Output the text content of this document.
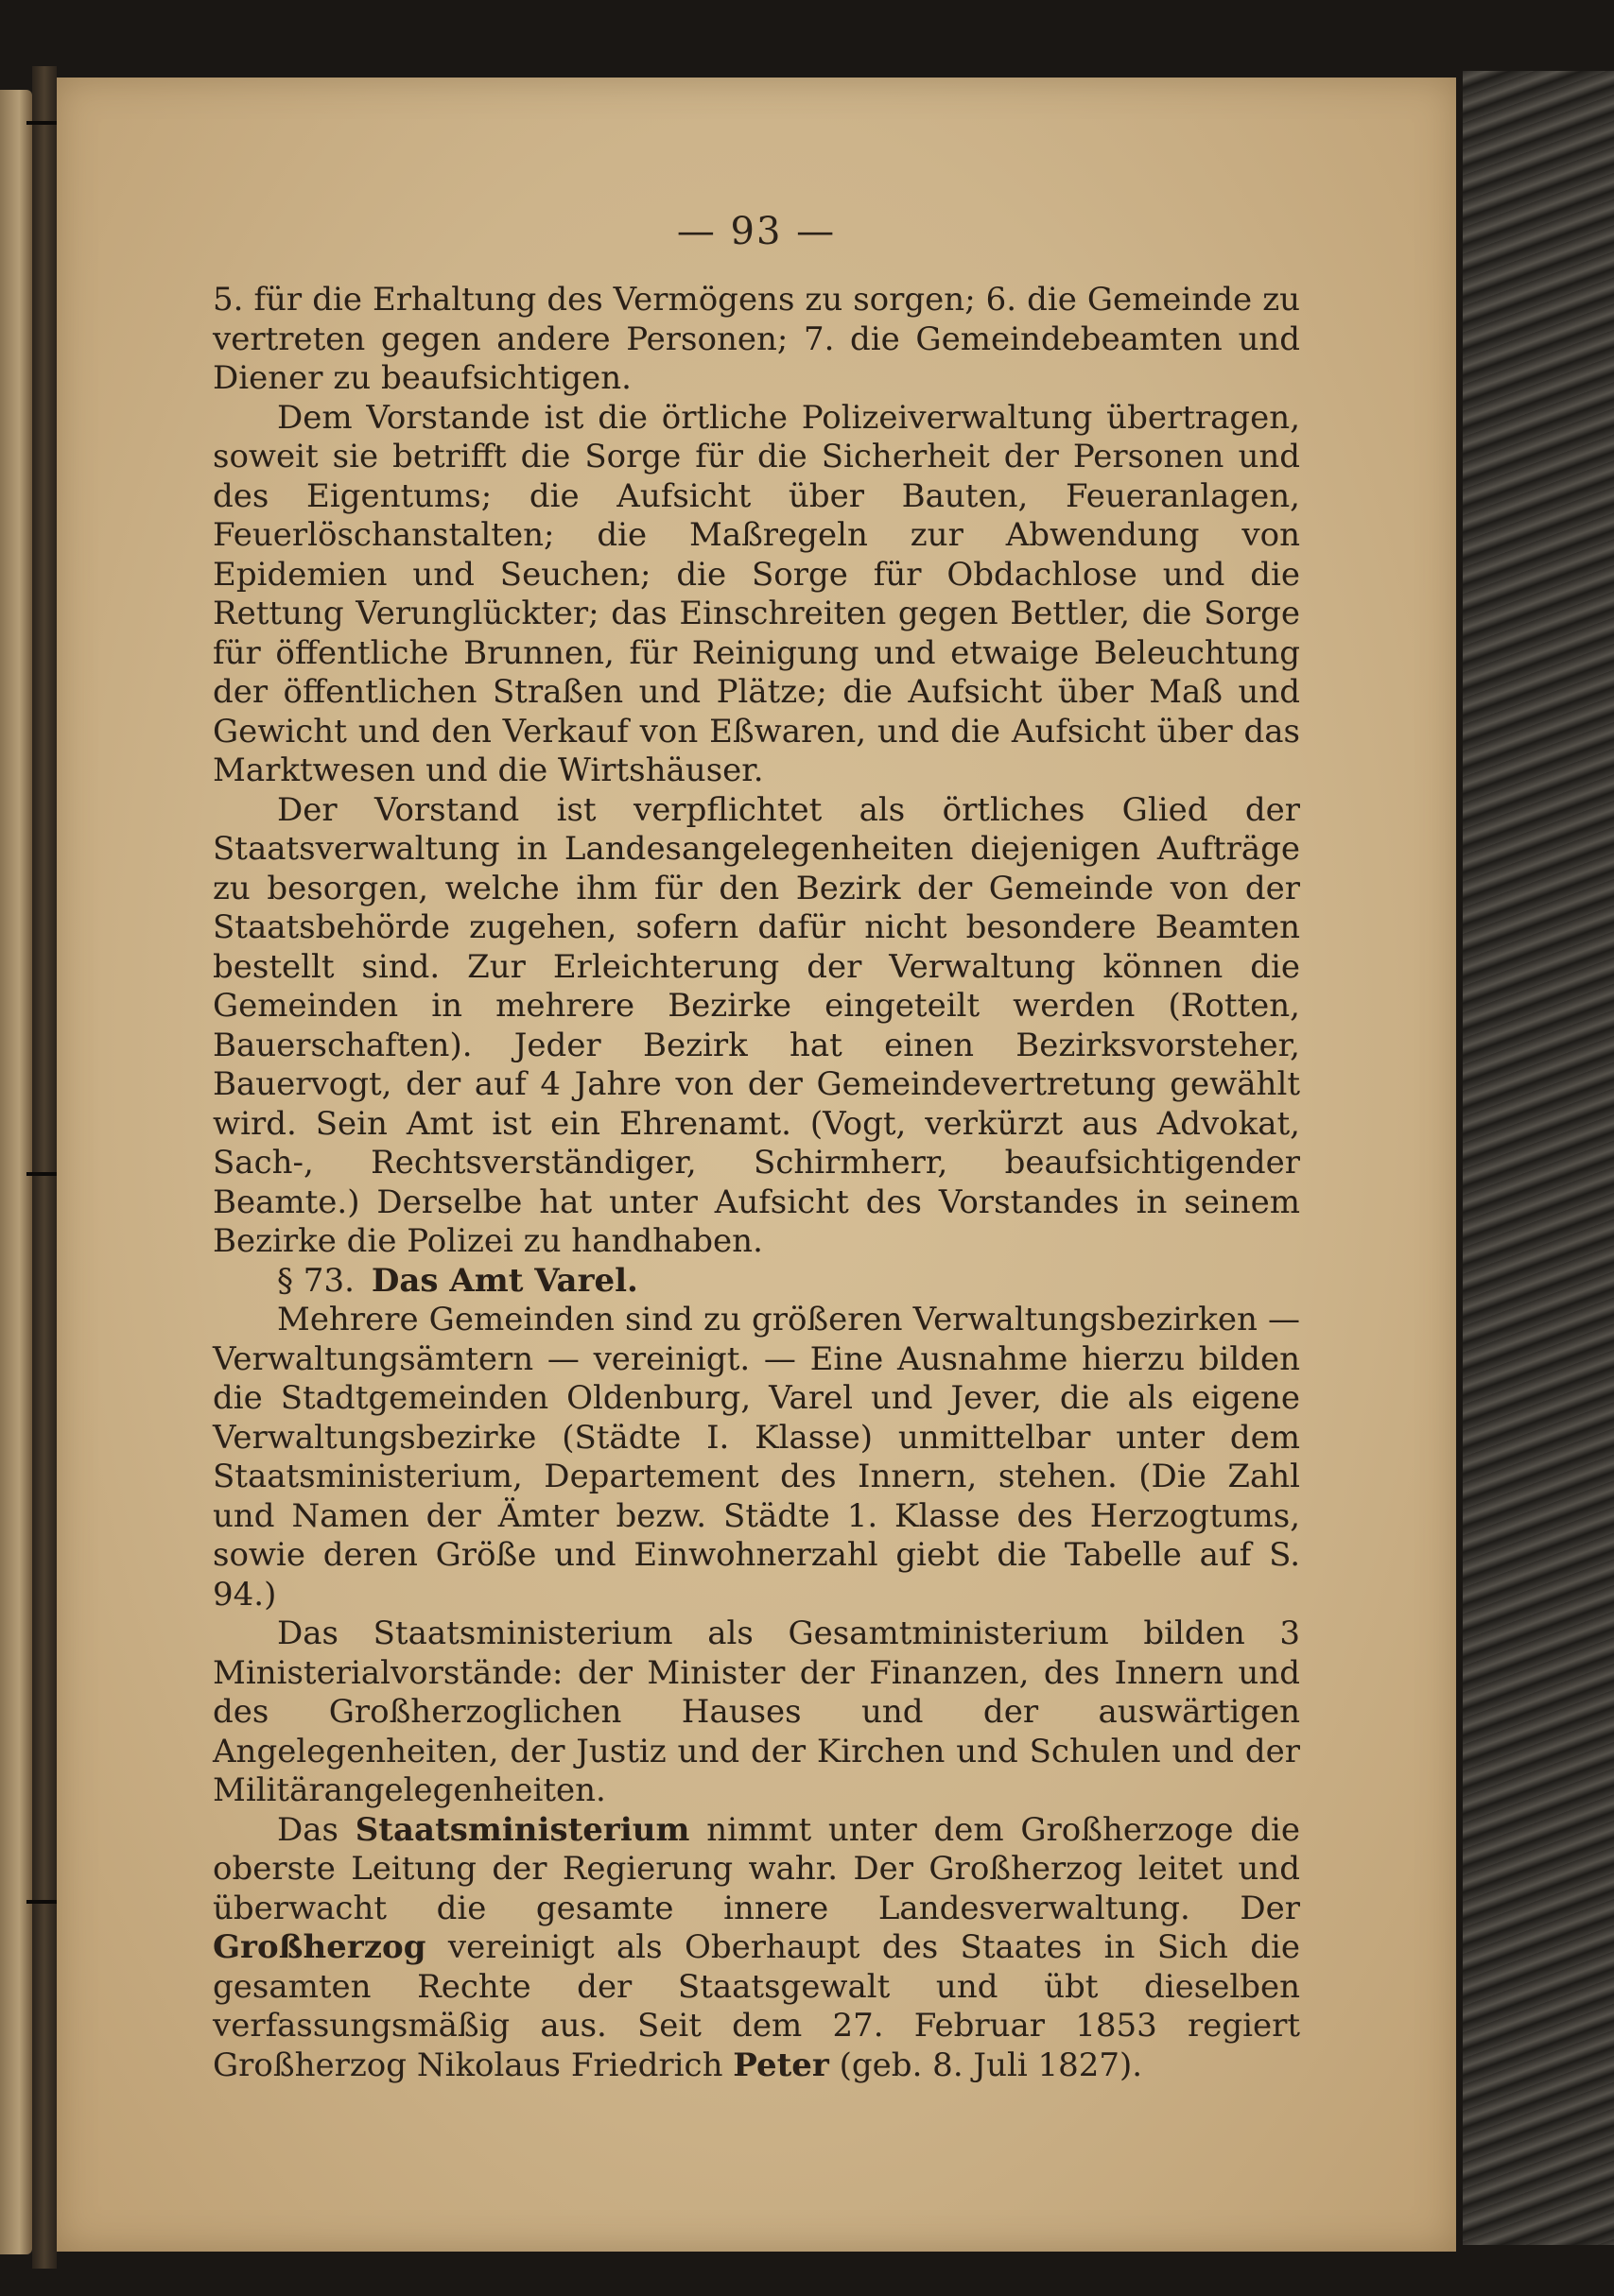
— 93 —

5. für die Erhaltung des Vermögens zu sorgen; 6. die Gemeinde zu vertreten gegen andere Personen; 7. die Gemeindebeamten und Diener zu beaufsichtigen.

Dem Vorstande ist die örtliche Polizeiverwaltung übertragen, soweit sie betrifft die Sorge für die Sicherheit der Personen und des Eigentums; die Aufsicht über Bauten, Feueranlagen, Feuerlöschanstalten; die Maßregeln zur Abwendung von Epidemien und Seuchen; die Sorge für Obdachlose und die Rettung Verunglückter; das Einschreiten gegen Bettler, die Sorge für öffentliche Brunnen, für Reinigung und etwaige Beleuchtung der öffentlichen Straßen und Plätze; die Aufsicht über Maß und Gewicht und den Verkauf von Eßwaren, und die Aufsicht über das Marktwesen und die Wirtshäuser.

Der Vorstand ist verpflichtet als örtliches Glied der Staatsverwaltung in Landesangelegenheiten diejenigen Aufträge zu besorgen, welche ihm für den Bezirk der Gemeinde von der Staatsbehörde zugehen, sofern dafür nicht besondere Beamten bestellt sind. Zur Erleichterung der Verwaltung können die Gemeinden in mehrere Bezirke eingeteilt werden (Rotten, Bauerschaften). Jeder Bezirk hat einen Bezirksvorsteher, Bauervogt, der auf 4 Jahre von der Gemeindevertretung gewählt wird. Sein Amt ist ein Ehrenamt. (Vogt, verkürzt aus Advokat, Sach-, Rechtsverständiger, Schirmherr, beaufsichtigender Beamte.) Derselbe hat unter Aufsicht des Vorstandes in seinem Bezirke die Polizei zu handhaben.

§ 73. Das Amt Varel.

Mehrere Gemeinden sind zu größeren Verwaltungsbezirken — Verwaltungsämtern — vereinigt. — Eine Ausnahme hierzu bilden die Stadtgemeinden Oldenburg, Varel und Jever, die als eigene Verwaltungsbezirke (Städte I. Klasse) unmittelbar unter dem Staatsministerium, Departement des Innern, stehen. (Die Zahl und Namen der Ämter bezw. Städte 1. Klasse des Herzogtums, sowie deren Größe und Einwohnerzahl giebt die Tabelle auf S. 94.)

Das Staatsministerium als Gesamtministerium bilden 3 Ministerialvorstände: der Minister der Finanzen, des Innern und des Großherzoglichen Hauses und der auswärtigen Angelegenheiten, der Justiz und der Kirchen und Schulen und der Militärangelegenheiten.

Das Staatsministerium nimmt unter dem Großherzoge die oberste Leitung der Regierung wahr. Der Großherzog leitet und überwacht die gesamte innere Landesverwaltung. Der Großherzog vereinigt als Oberhaupt des Staates in Sich die gesamten Rechte der Staatsgewalt und übt dieselben verfassungsmäßig aus. Seit dem 27. Februar 1853 regiert Großherzog Nikolaus Friedrich Peter (geb. 8. Juli 1827).
